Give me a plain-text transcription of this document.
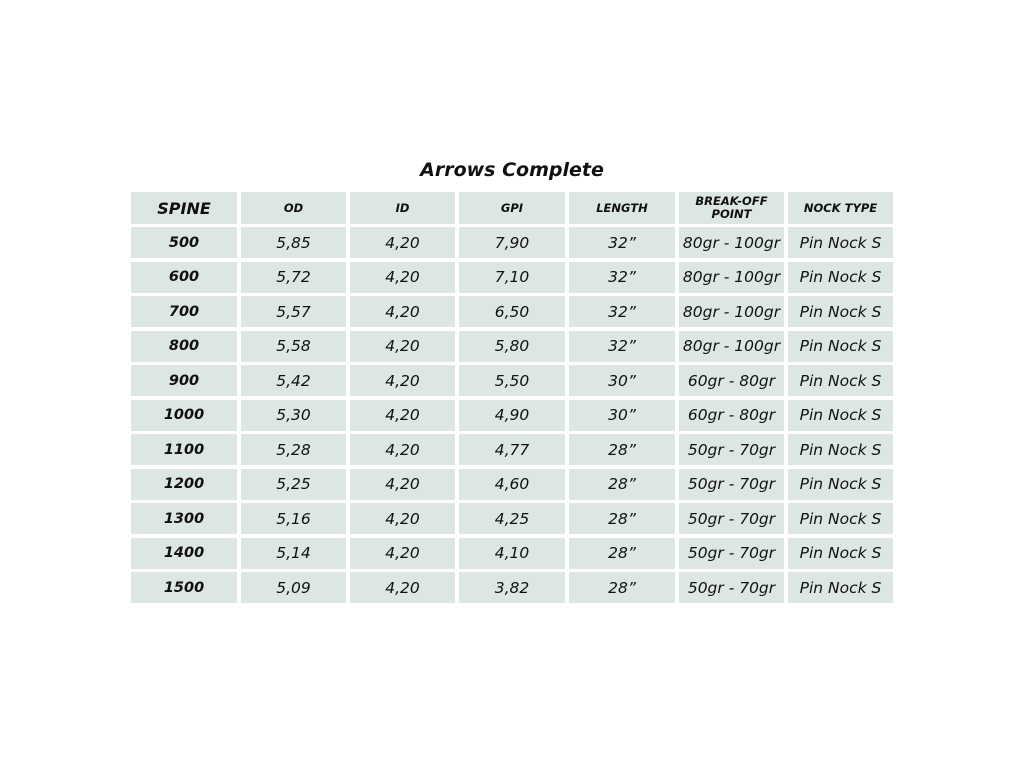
Arrows Complete
SPINE	OD	ID	GPI	LENGTH	BREAK-OFF POINT	NOCK TYPE
500	5,85	4,20	7,90	32”	80gr - 100gr	Pin Nock S
600	5,72	4,20	7,10	32”	80gr - 100gr	Pin Nock S
700	5,57	4,20	6,50	32”	80gr - 100gr	Pin Nock S
800	5,58	4,20	5,80	32”	80gr - 100gr	Pin Nock S
900	5,42	4,20	5,50	30”	60gr - 80gr	Pin Nock S
1000	5,30	4,20	4,90	30”	60gr - 80gr	Pin Nock S
1100	5,28	4,20	4,77	28”	50gr - 70gr	Pin Nock S
1200	5,25	4,20	4,60	28”	50gr - 70gr	Pin Nock S
1300	5,16	4,20	4,25	28”	50gr - 70gr	Pin Nock S
1400	5,14	4,20	4,10	28”	50gr - 70gr	Pin Nock S
1500	5,09	4,20	3,82	28”	50gr - 70gr	Pin Nock S
